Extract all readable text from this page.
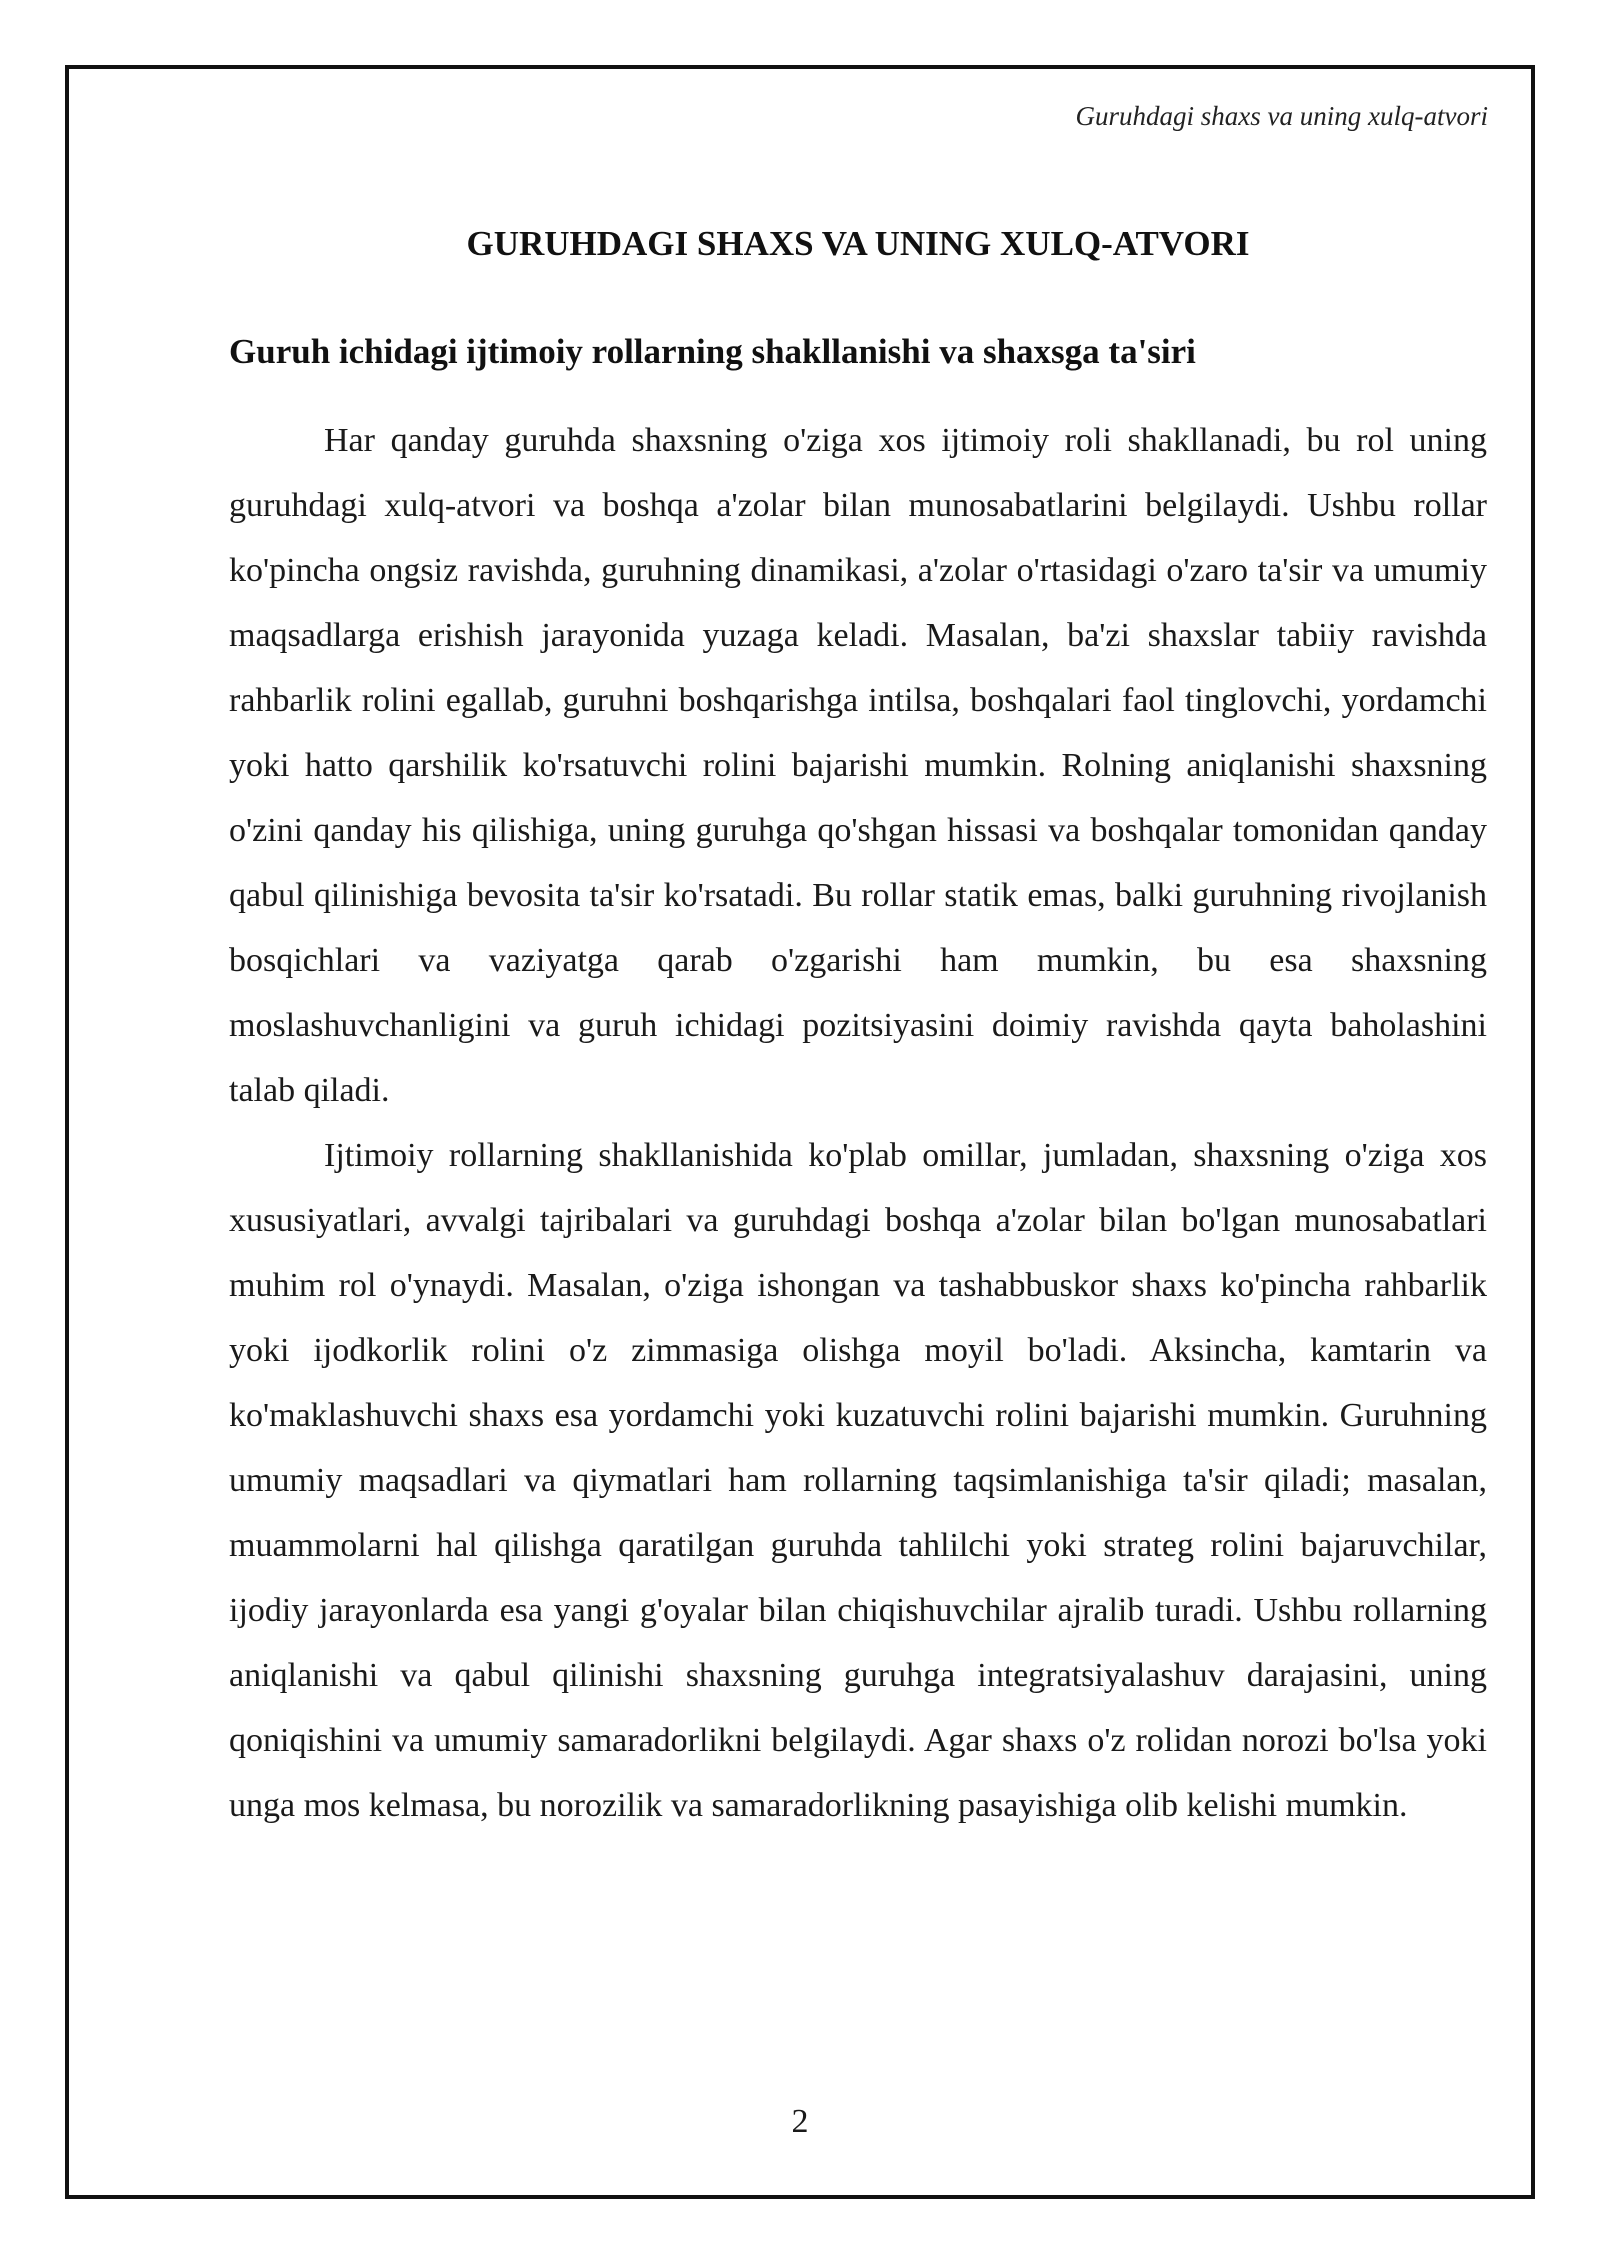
Guruhdagi shaxs va uning xulq-atvori
GURUHDAGI SHAXS VA UNING XULQ-ATVORI
Guruh ichidagi ijtimoiy rollarning shakllanishi va shaxsga ta'siri

Har qanday guruhda shaxsning o'ziga xos ijtimoiy roli shakllanadi, bu rol uning guruhdagi xulq-atvori va boshqa a'zolar bilan munosabatlarini belgilaydi. Ushbu rollar ko'pincha ongsiz ravishda, guruhning dinamikasi, a'zolar o'rtasidagi o'zaro ta'sir va umumiy maqsadlarga erishish jarayonida yuzaga keladi. Masalan, ba'zi shaxslar tabiiy ravishda rahbarlik rolini egallab, guruhni boshqarishga intilsa, boshqalari faol tinglovchi, yordamchi yoki hatto qarshilik ko'rsatuvchi rolini bajarishi mumkin. Rolning aniqlanishi shaxsning o'zini qanday his qilishiga, uning guruhga qo'shgan hissasi va boshqalar tomonidan qanday qabul qilinishiga bevosita ta'sir ko'rsatadi. Bu rollar statik emas, balki guruhning rivojlanish bosqichlari va vaziyatga qarab o'zgarishi ham mumkin, bu esa shaxsning moslashuvchanligini va guruh ichidagi pozitsiyasini doimiy ravishda qayta baholashini talab qiladi.

Ijtimoiy rollarning shakllanishida ko'plab omillar, jumladan, shaxsning o'ziga xos xususiyatlari, avvalgi tajribalari va guruhdagi boshqa a'zolar bilan bo'lgan munosabatlari muhim rol o'ynaydi. Masalan, o'ziga ishongan va tashabbuskor shaxs ko'pincha rahbarlik yoki ijodkorlik rolini o'z zimmasiga olishga moyil bo'ladi. Aksincha, kamtarin va ko'maklashuvchi shaxs esa yordamchi yoki kuzatuvchi rolini bajarishi mumkin. Guruhning umumiy maqsadlari va qiymatlari ham rollarning taqsimlanishiga ta'sir qiladi; masalan, muammolarni hal qilishga qaratilgan guruhda tahlilchi yoki strateg rolini bajaruvchilar, ijodiy jarayonlarda esa yangi g'oyalar bilan chiqishuvchilar ajralib turadi. Ushbu rollarning aniqlanishi va qabul qilinishi shaxsning guruhga integratsiyalashuv darajasini, uning qoniqishini va umumiy samaradorlikni belgilaydi. Agar shaxs o'z rolidan norozi bo'lsa yoki unga mos kelmasa, bu norozilik va samaradorlikning pasayishiga olib kelishi mumkin.

2
